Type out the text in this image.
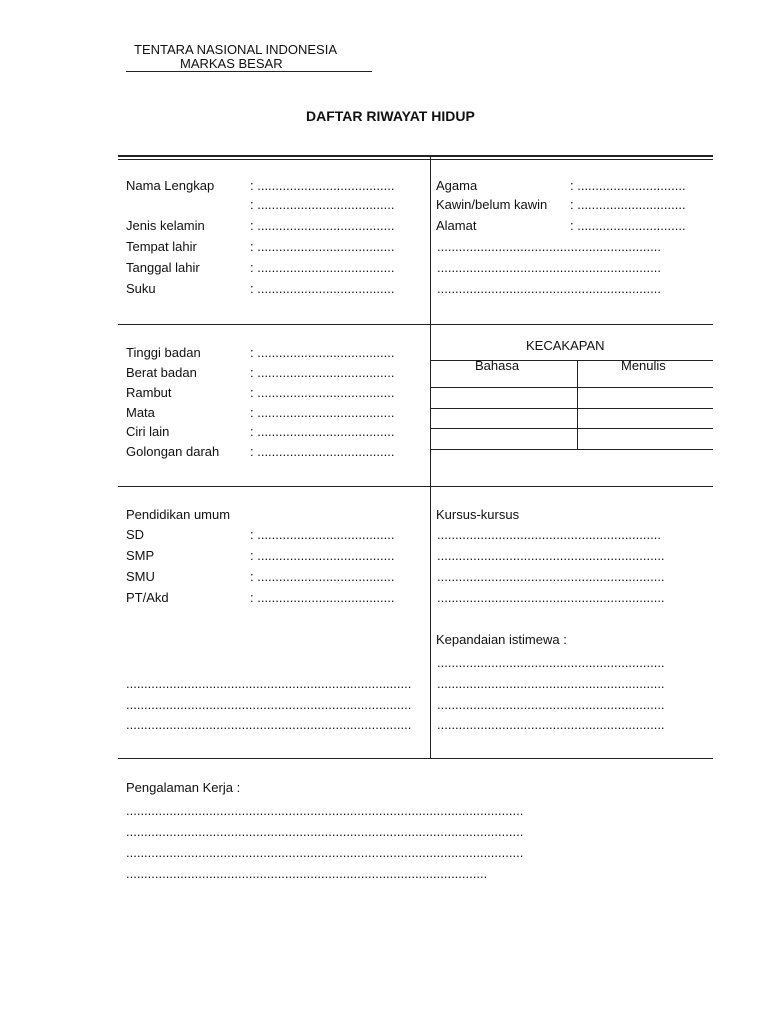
TENTARA NASIONAL INDONESIA
MARKAS BESAR
DAFTAR RIWAYAT HIDUP
Nama Lengkap	: ......................................
: ......................................
Jenis kelamin	: ......................................
Tempat lahir	: ......................................
Tanggal lahir	: ......................................
Suku	: ......................................
Agama	: ..............................
Kawin/belum kawin : ..............................
Alamat	: ..............................
..............................................................
..............................................................
..............................................................
Tinggi badan	: ......................................
Berat badan	: ......................................
Rambut	: ......................................
Mata	: ......................................
Ciri lain	: ......................................
Golongan darah : ......................................
KECAKAPAN
Bahasa	Menulis
Pendidikan umum
SD	: ......................................
SMP	: ......................................
SMU	: ......................................
PT/Akd	: ......................................
...............................................................................
...............................................................................
...............................................................................
Kursus-kursus
..............................................................
...............................................................
...............................................................
...............................................................
Kepandaian istimewa :
...............................................................
...............................................................
...............................................................
...............................................................
Pengalaman Kerja :
..............................................................................................................
..............................................................................................................
..............................................................................................................
....................................................................................................
